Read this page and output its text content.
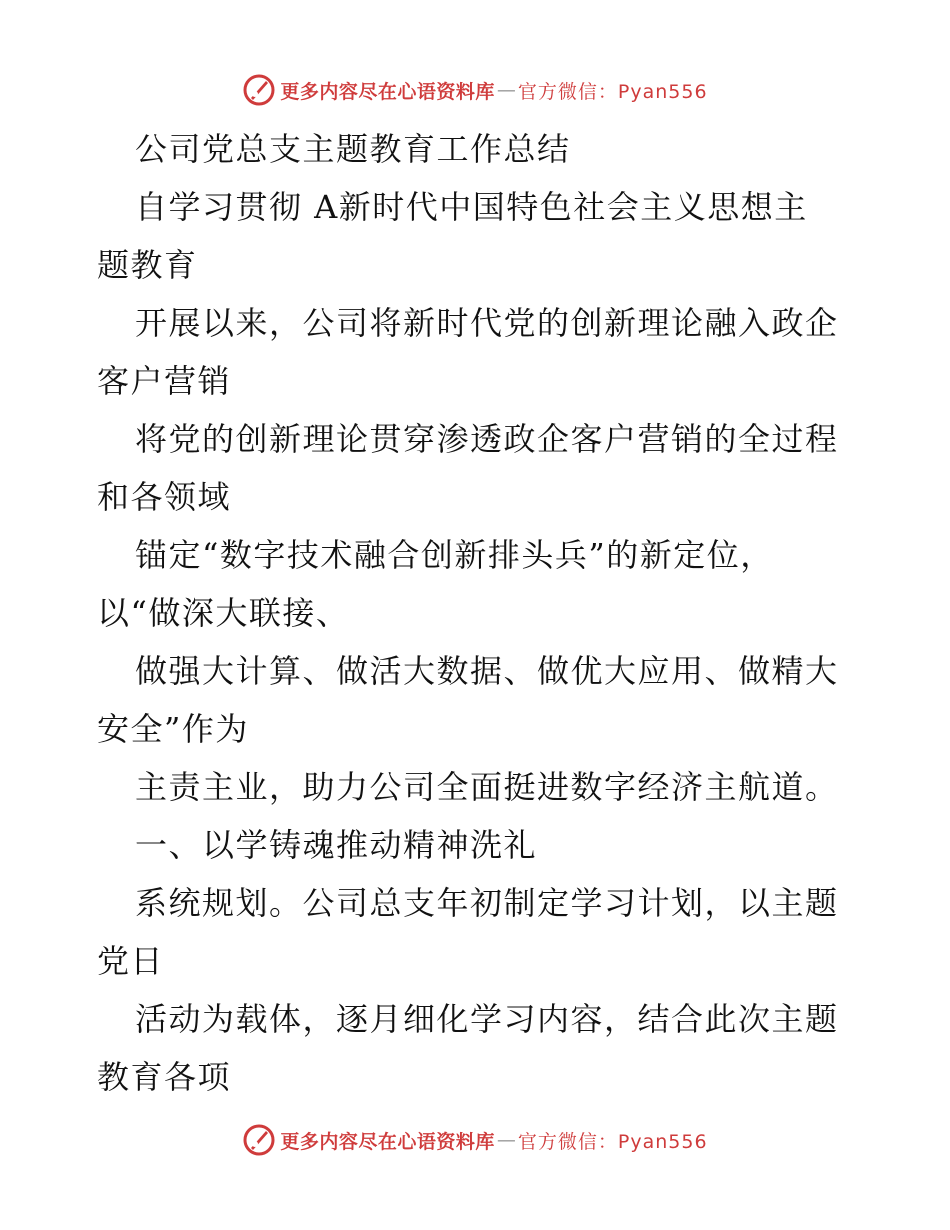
更多内容尽在心语资料库 — 官方微信：Pyan556
公司党总支主题教育工作总结
自学习贯彻 A新时代中国特色社会主义思想主
题教育
开展以来，公司将新时代党的创新理论融入政企
客户营销
将党的创新理论贯穿渗透政企客户营销的全过程
和各领域
锚定“数字技术融合创新排头兵”的新定位，
以“做深大联接、
做强大计算、做活大数据、做优大应用、做精大
安全”作为
主责主业，助力公司全面挺进数字经济主航道。
一、以学铸魂推动精神洗礼
系统规划。公司总支年初制定学习计划，以主题
党日
活动为载体，逐月细化学习内容，结合此次主题
教育各项
更多内容尽在心语资料库 — 官方微信：Pyan556
